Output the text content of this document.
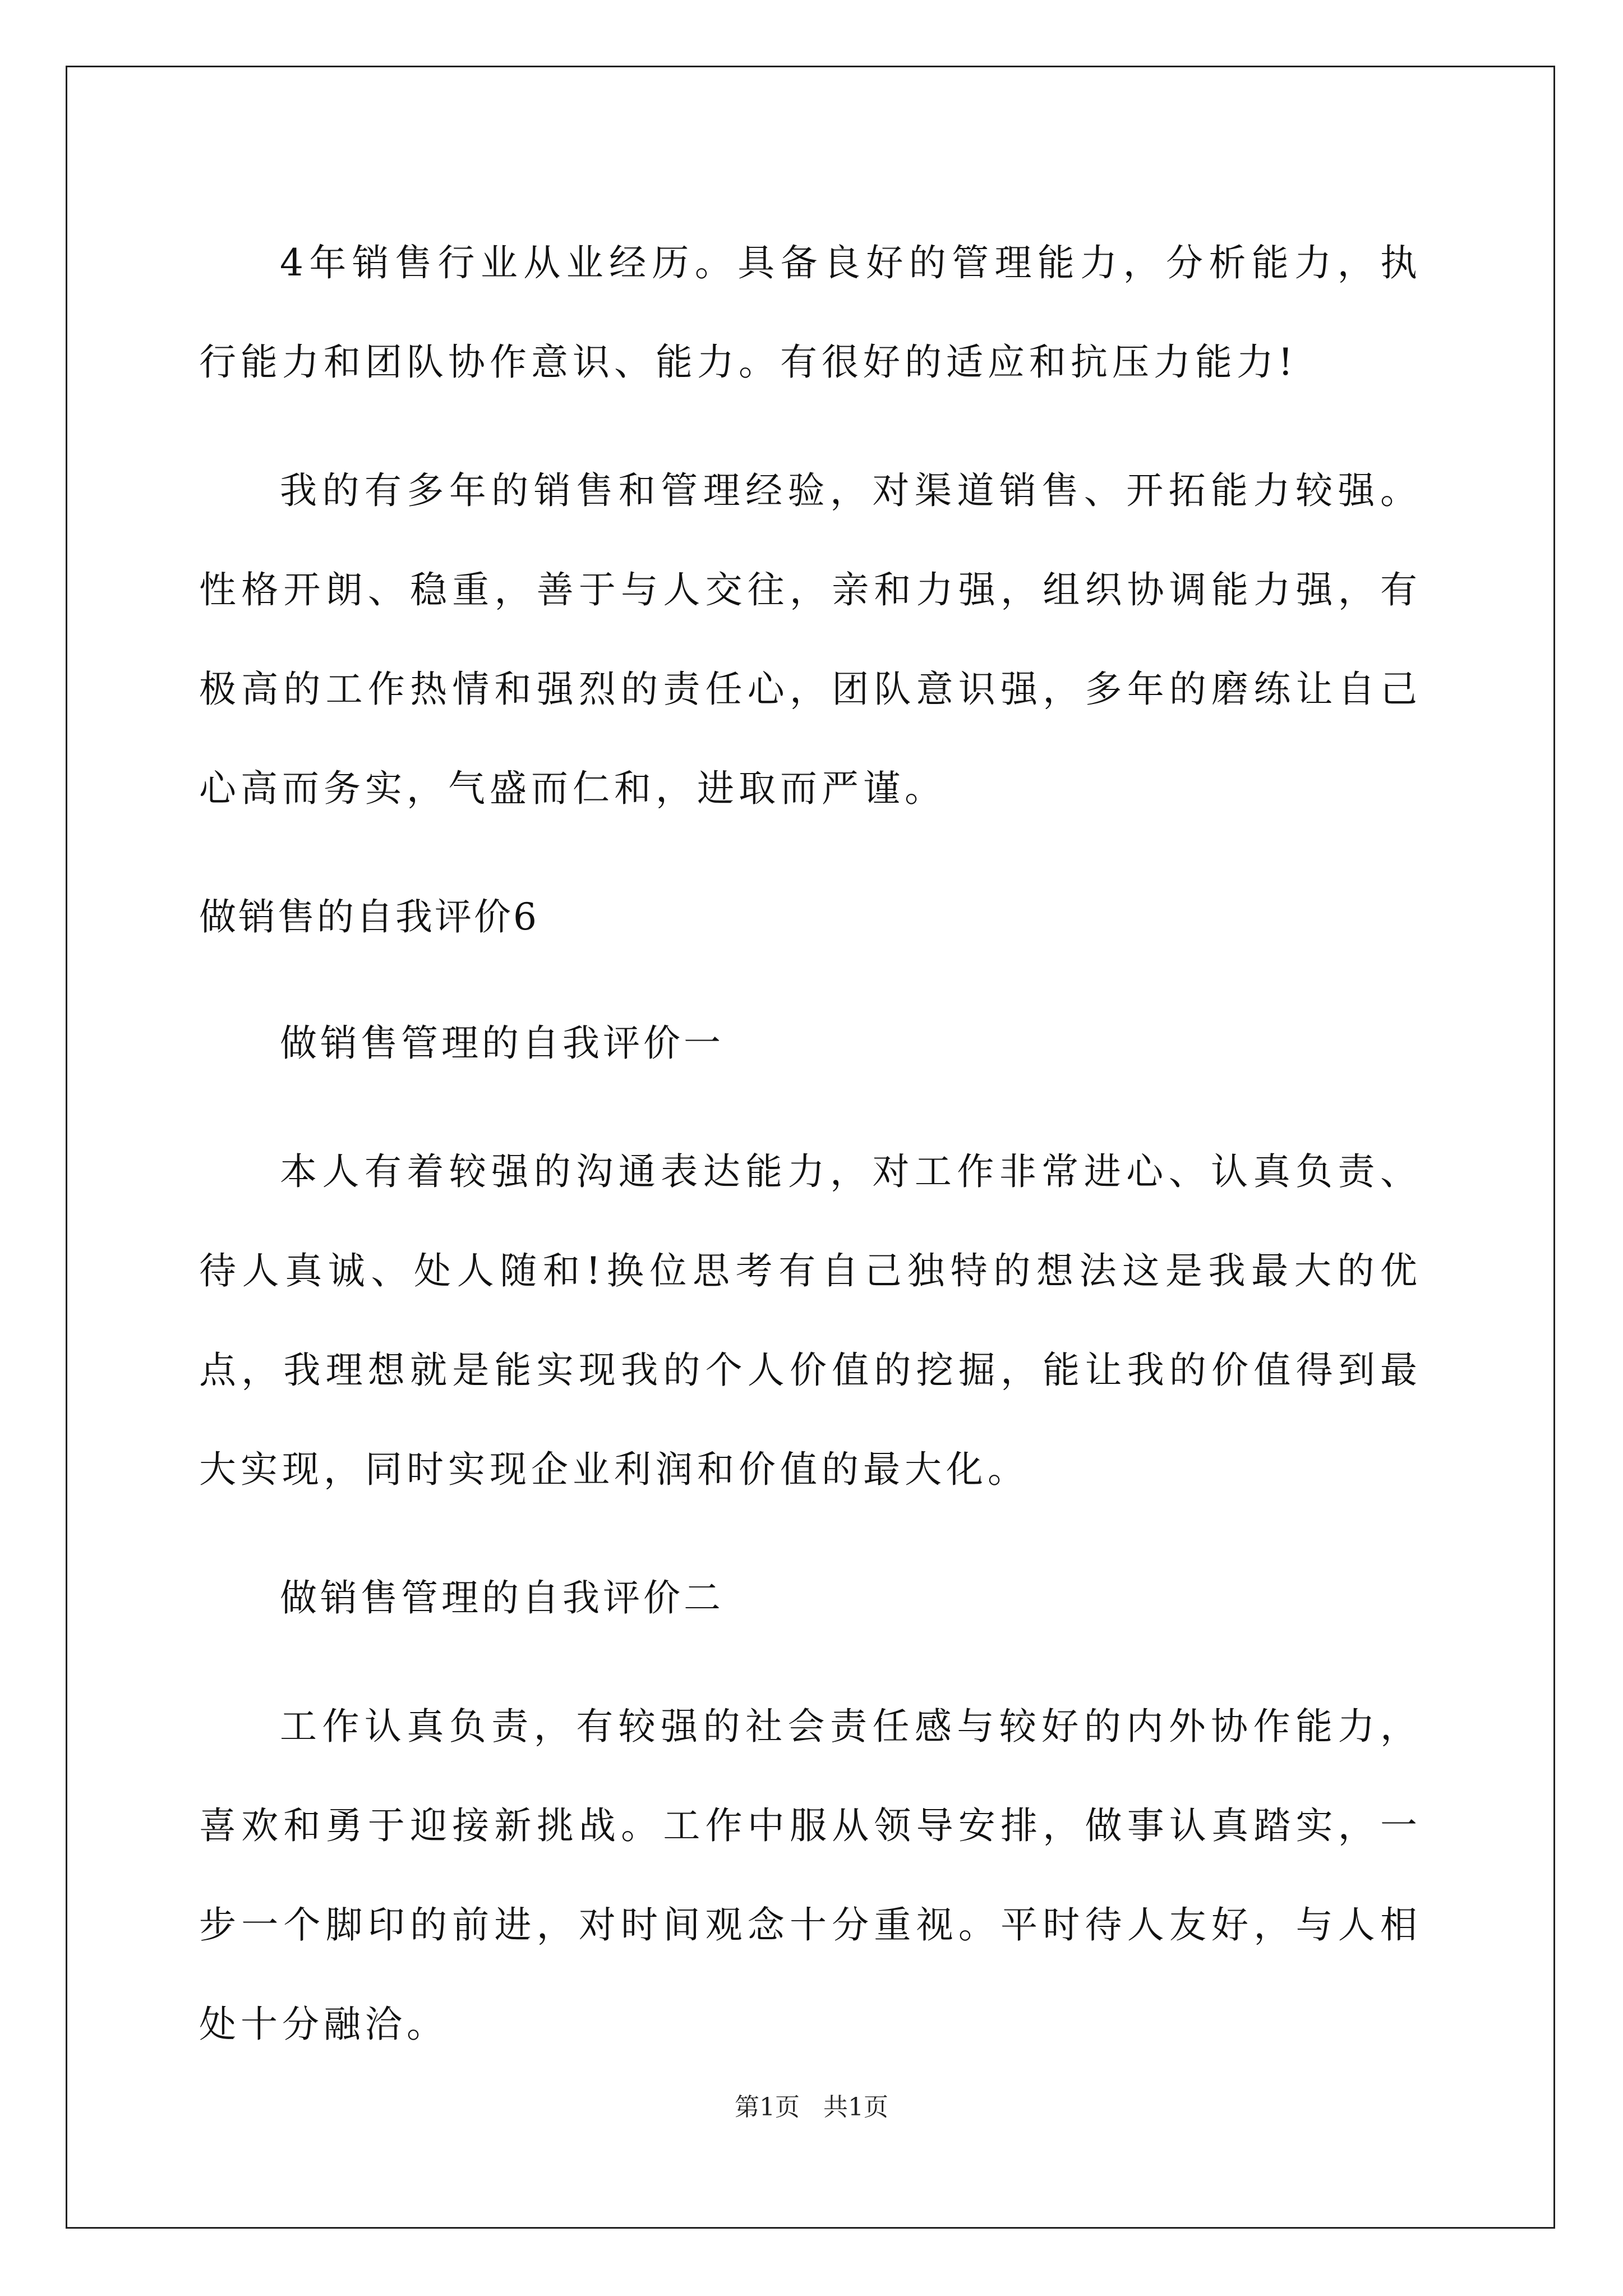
4年销售行业从业经历。具备良好的管理能力，分析能力，执行能力和团队协作意识、能力。有很好的适应和抗压力能力!

我的有多年的销售和管理经验，对渠道销售、开拓能力较强。性格开朗、稳重，善于与人交往，亲和力强，组织协调能力强，有极高的工作热情和强烈的责任心，团队意识强，多年的磨练让自己心高而务实，气盛而仁和，进取而严谨。

做销售的自我评价6

做销售管理的自我评价一

本人有着较强的沟通表达能力，对工作非常进心、认真负责、待人真诚、处人随和!换位思考有自己独特的想法这是我最大的优点，我理想就是能实现我的个人价值的挖掘，能让我的价值得到最大实现，同时实现企业利润和价值的最大化。

做销售管理的自我评价二

工作认真负责，有较强的社会责任感与较好的内外协作能力，喜欢和勇于迎接新挑战。工作中服从领导安排，做事认真踏实，一步一个脚印的前进，对时间观念十分重视。平时待人友好，与人相处十分融洽。

第1页 共1页
